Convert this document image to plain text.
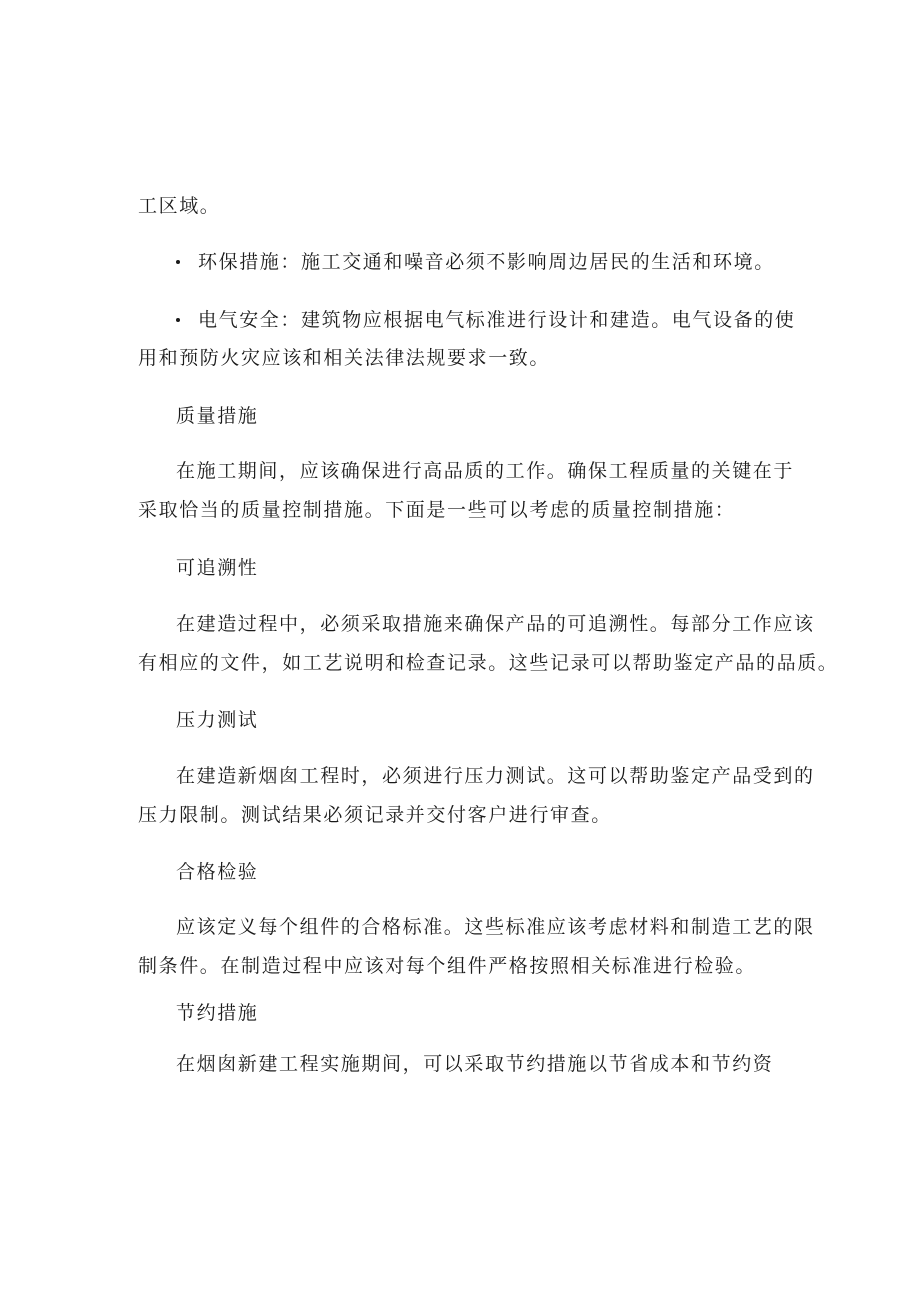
工区域。

环保措施：施工交通和噪音必须不影响周边居民的生活和环境。

电气安全：建筑物应根据电气标准进行设计和建造。电气设备的使

用和预防火灾应该和相关法律法规要求一致。

质量措施

在施工期间，应该确保进行高品质的工作。确保工程质量的关键在于

采取恰当的质量控制措施。下面是一些可以考虑的质量控制措施：

可追溯性

在建造过程中，必须采取措施来确保产品的可追溯性。每部分工作应该

有相应的文件，如工艺说明和检查记录。这些记录可以帮助鉴定产品的品质。

压力测试

在建造新烟囱工程时，必须进行压力测试。这可以帮助鉴定产品受到的

压力限制。测试结果必须记录并交付客户进行审查。

合格检验

应该定义每个组件的合格标准。这些标准应该考虑材料和制造工艺的限

制条件。在制造过程中应该对每个组件严格按照相关标准进行检验。

节约措施

在烟囱新建工程实施期间，可以采取节约措施以节省成本和节约资
